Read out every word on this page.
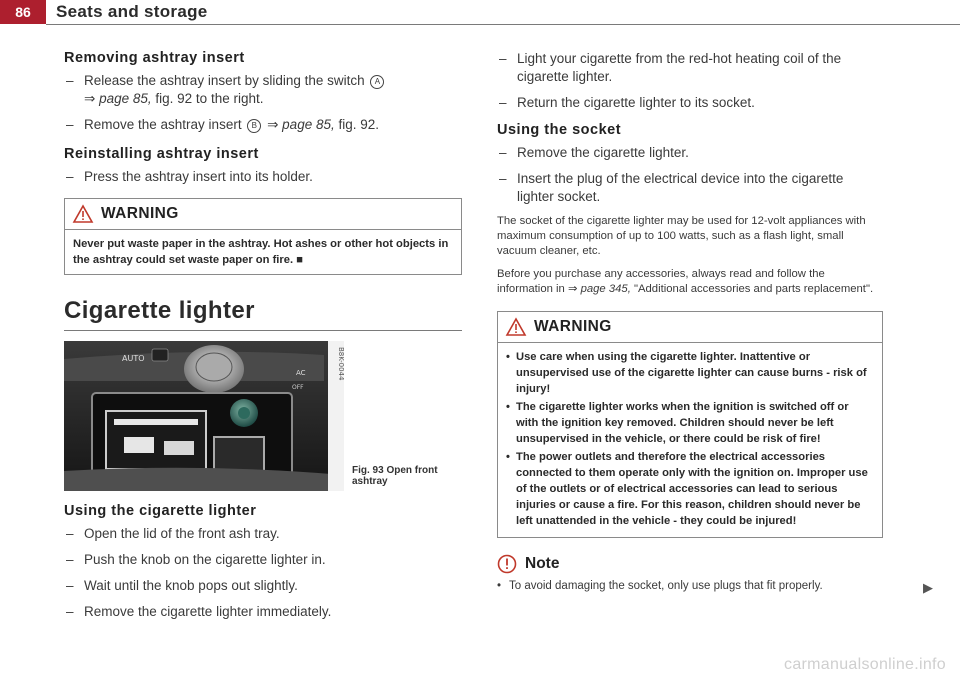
86	Seats and storage
Removing ashtray insert
– Release the ashtray insert by sliding the switch A
⇒ page 85, fig. 92 to the right.
– Remove the ashtray insert B ⇒ page 85, fig. 92.
Reinstalling ashtray insert
– Press the ashtray insert into its holder.
WARNING
Never put waste paper in the ashtray. Hot ashes or other hot objects in the ashtray could set waste paper on fire. ■
Cigarette lighter
AUTO
AC
OFF
B8K-0044
Fig. 93 Open front ashtray
Using the cigarette lighter
– Open the lid of the front ash tray.
– Push the knob on the cigarette lighter in.
– Wait until the knob pops out slightly.
– Remove the cigarette lighter immediately.
– Light your cigarette from the red-hot heating coil of the cigarette lighter.
– Return the cigarette lighter to its socket.
Using the socket
– Remove the cigarette lighter.
– Insert the plug of the electrical device into the cigarette lighter socket.

The socket of the cigarette lighter may be used for 12-volt appliances with maximum consumption of up to 100 watts, such as a flash light, small vacuum cleaner, etc.

Before you purchase any accessories, always read and follow the information in ⇒ page 345, "Additional accessories and parts replacement".

WARNING
• Use care when using the cigarette lighter. Inattentive or unsupervised use of the cigarette lighter can cause burns - risk of injury!
• The cigarette lighter works when the ignition is switched off or with the ignition key removed. Children should never be left unsupervised in the vehicle, or there could be risk of fire!
• The power outlets and therefore the electrical accessories connected to them operate only with the ignition on. Improper use of the outlets or of electrical accessories can lead to serious injuries or cause a fire. For this reason, children should never be left unattended in the vehicle - they could be injured!
Note
• To avoid damaging the socket, only use plugs that fit properly.	▶
carmanualsonline.info
